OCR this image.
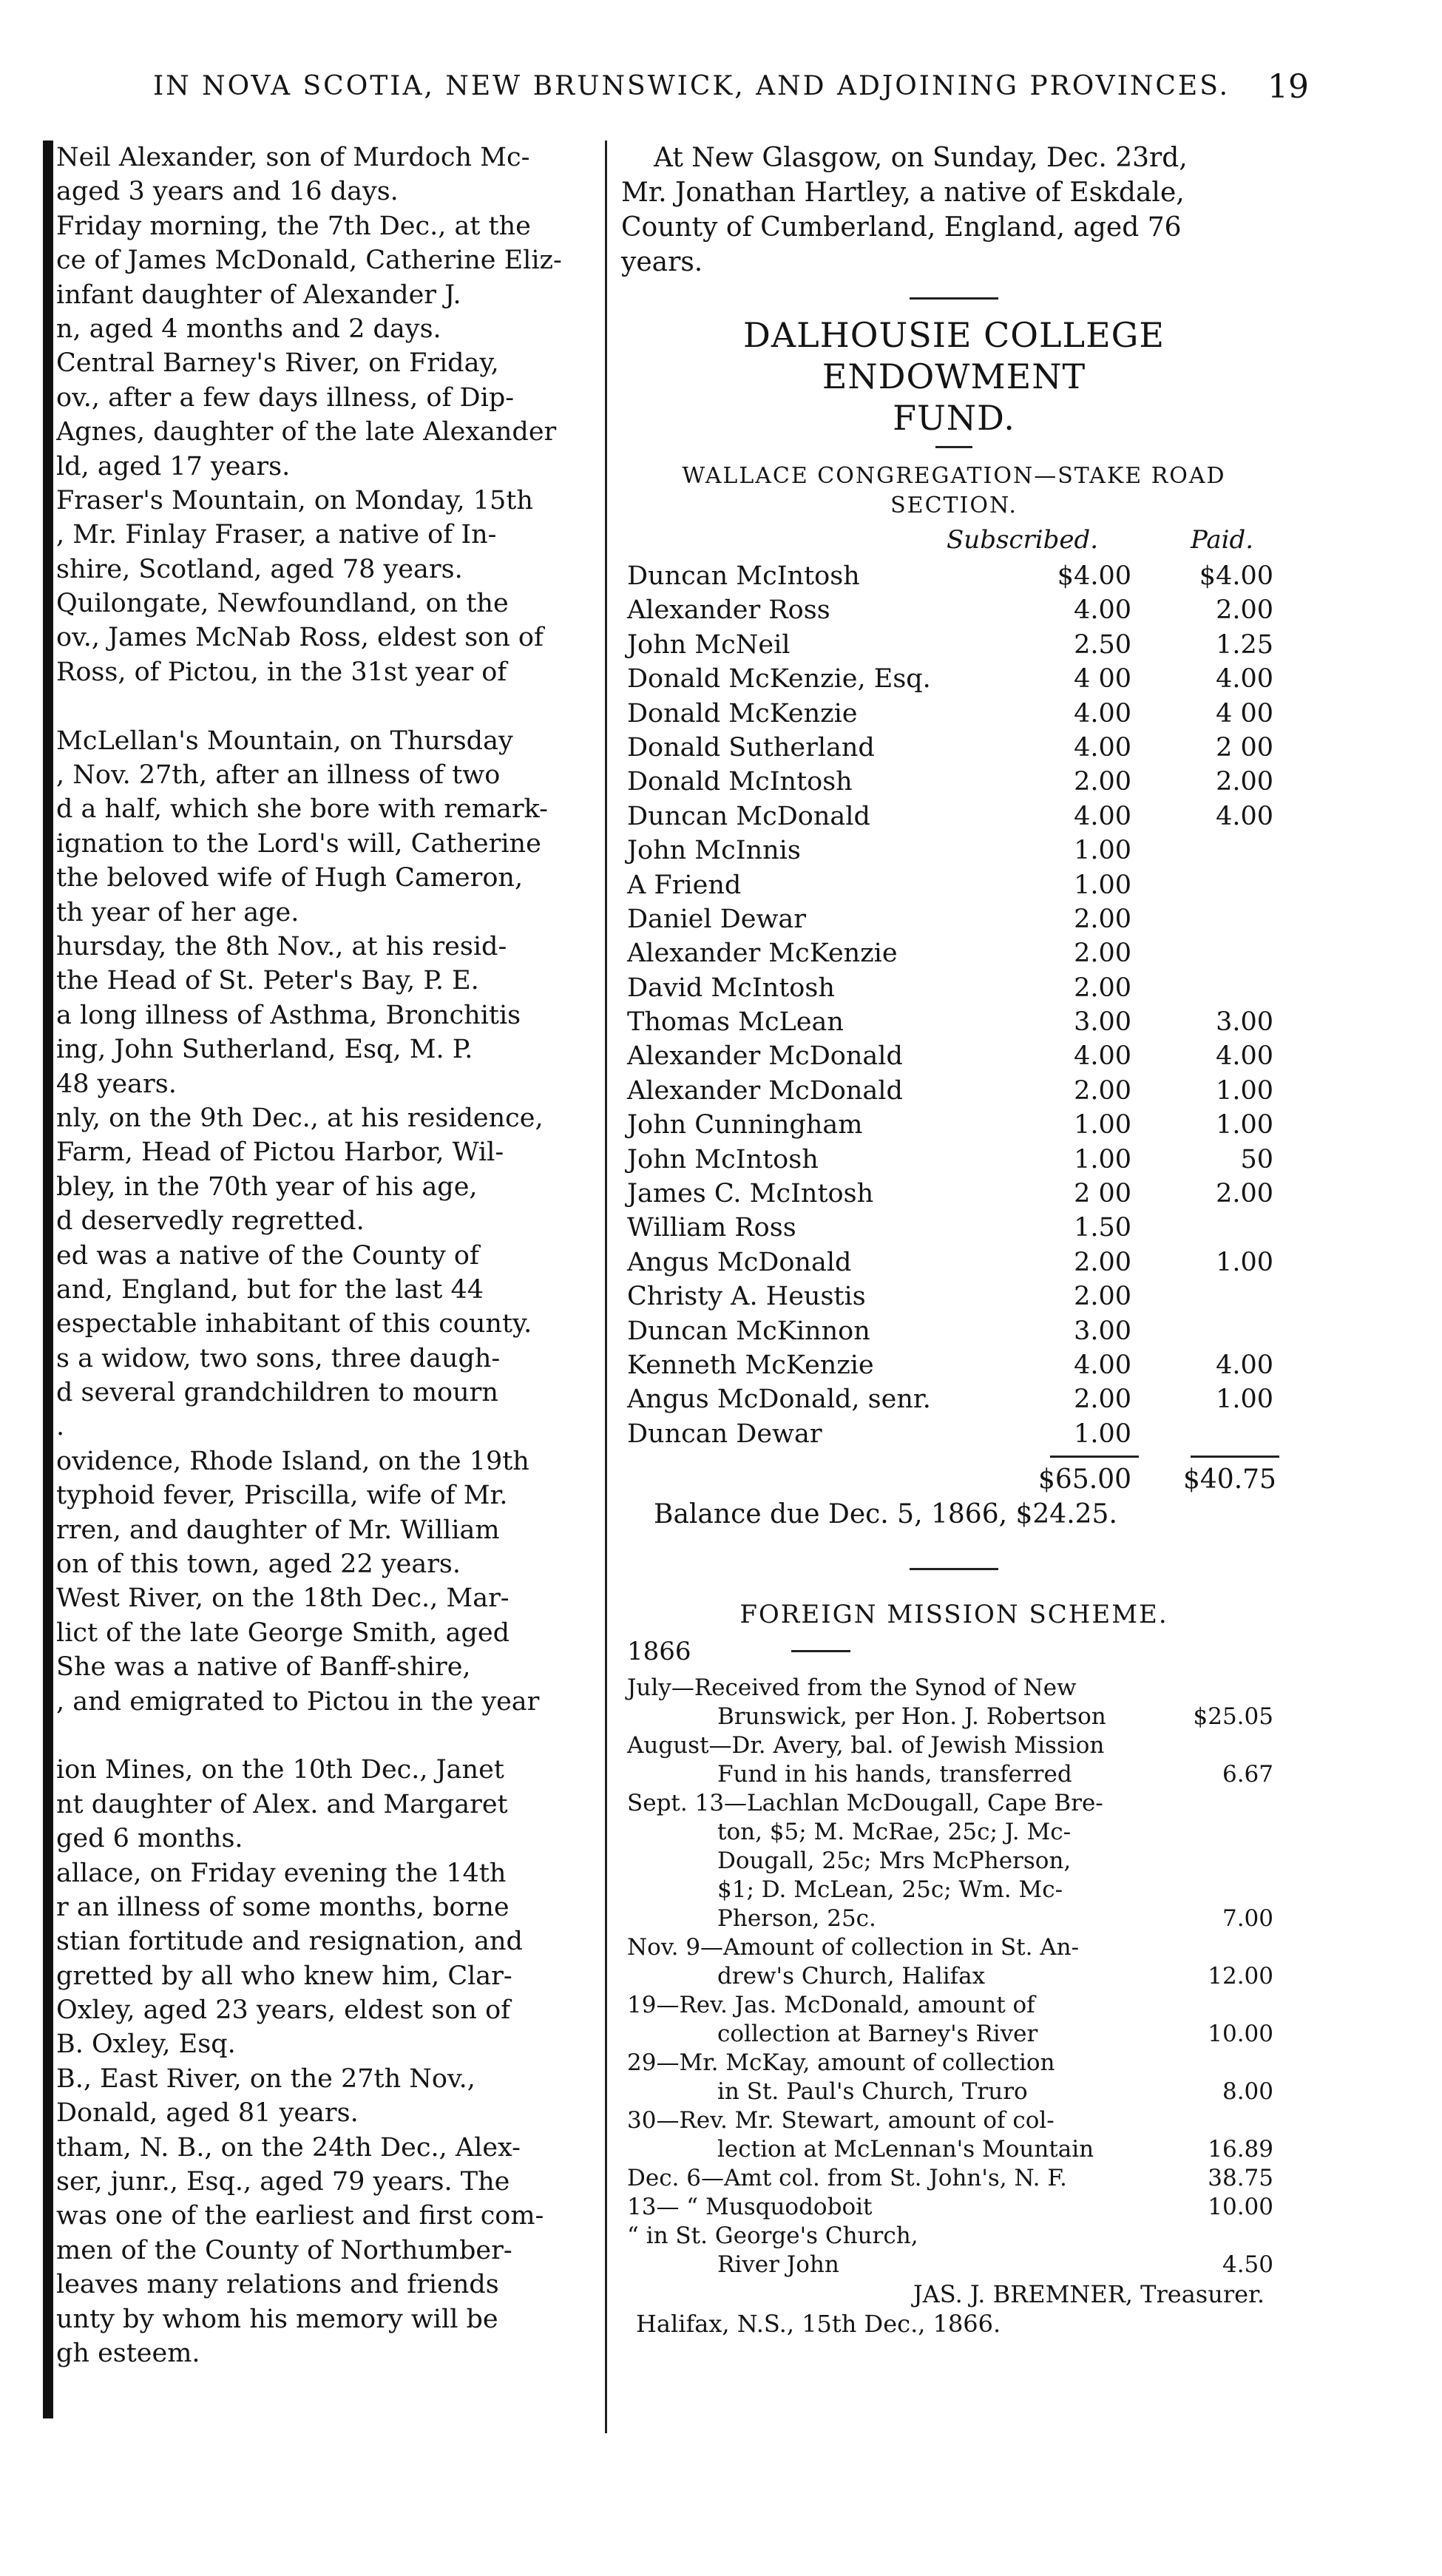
IN NOVA SCOTIA, NEW BRUNSWICK, AND ADJOINING PROVINCES.	19
Neil Alexander, son of Murdoch Mc-
aged 3 years and 16 days.
Friday morning, the 7th Dec., at the
ce of James McDonald, Catherine Eliz-
infant daughter of Alexander J.
n, aged 4 months and 2 days.
Central Barney's River, on Friday,
ov., after a few days illness, of Dip-
Agnes, daughter of the late Alexander
ld, aged 17 years.
Fraser's Mountain, on Monday, 15th
, Mr. Finlay Fraser, a native of In-
shire, Scotland, aged 78 years.
Quilongate, Newfoundland, on the
ov., James McNab Ross, eldest son of
Ross, of Pictou, in the 31st year of
McLellan's Mountain, on Thursday
, Nov. 27th, after an illness of two
d a half, which she bore with remark-
ignation to the Lord's will, Catherine
the beloved wife of Hugh Cameron,
th year of her age.
hursday, the 8th Nov., at his resid-
the Head of St. Peter's Bay, P. E.
a long illness of Asthma, Bronchitis
ing, John Sutherland, Esq, M. P.
48 years.
nly, on the 9th Dec., at his residence,
Farm, Head of Pictou Harbor, Wil-
bley, in the 70th year of his age,
d deservedly regretted.
ed was a native of the County of
and, England, but for the last 44
espectable inhabitant of this county.
s a widow, two sons, three daugh-
d several grandchildren to mourn
.
ovidence, Rhode Island, on the 19th
typhoid fever, Priscilla, wife of Mr.
rren, and daughter of Mr. William
on of this town, aged 22 years.
West River, on the 18th Dec., Mar-
lict of the late George Smith, aged
She was a native of Banff-shire,
, and emigrated to Pictou in the year
ion Mines, on the 10th Dec., Janet
nt daughter of Alex. and Margaret
ged 6 months.
allace, on Friday evening the 14th
r an illness of some months, borne
stian fortitude and resignation, and
gretted by all who knew him, Clar-
Oxley, aged 23 years, eldest son of
B. Oxley, Esq.
B., East River, on the 27th Nov.,
Donald, aged 81 years.
tham, N. B., on the 24th Dec., Alex-
ser, junr., Esq., aged 79 years. The
was one of the earliest and first com-
men of the County of Northumber-
leaves many relations and friends
unty by whom his memory will be
gh esteem.
At New Glasgow, on Sunday, Dec. 23rd,
Mr. Jonathan Hartley, a native of Eskdale,
County of Cumberland, England, aged 76
years.
DALHOUSIE COLLEGE ENDOWMENT
FUND.
WALLACE CONGREGATION—STAKE ROAD
SECTION.
Subscribed.	Paid.
Duncan McIntosh	$4.00	$4.00
Alexander Ross	4.00	2.00
John McNeil	2.50	1.25
Donald McKenzie, Esq.	4 00	4.00
Donald McKenzie	4.00	4 00
Donald Sutherland	4.00	2 00
Donald McIntosh	2.00	2.00
Duncan McDonald	4.00	4.00
John McInnis	1.00
A Friend	1.00
Daniel Dewar	2.00
Alexander McKenzie	2.00
David McIntosh	2.00
Thomas McLean	3.00	3.00
Alexander McDonald	4.00	4.00
Alexander McDonald	2.00	1.00
John Cunningham	1.00	1.00
John McIntosh	1.00	50
James C. McIntosh	2 00	2.00
William Ross	1.50
Angus McDonald	2.00	1.00
Christy A. Heustis	2.00
Duncan McKinnon	3.00
Kenneth McKenzie	4.00	4.00
Angus McDonald, senr.	2.00	1.00
Duncan Dewar	1.00
$65.00 $40.75
Balance due Dec. 5, 1866, $24.25.
FOREIGN MISSION SCHEME.
1866
July—Received from the Synod of New
Brunswick, per Hon. J. Robertson	$25.05
August—Dr. Avery, bal. of Jewish Mission
Fund in his hands, transferred	6.67
Sept. 13—Lachlan McDougall, Cape Bre-
ton, $5; M. McRae, 25c; J. Mc-
Dougall, 25c; Mrs McPherson,
$1; D. McLean, 25c; Wm. Mc-
Pherson, 25c.	7.00
Nov. 9—Amount of collection in St. An-
drew's Church, Halifax	12.00
19—Rev. Jas. McDonald, amount of
collection at Barney's River	10.00
29—Mr. McKay, amount of collection
in St. Paul's Church, Truro	8.00
30—Rev. Mr. Stewart, amount of col-
lection at McLennan's Mountain	16.89
Dec. 6—Amt col. from St. John's, N. F.	38.75
13— “ Musquodoboit	10.00
“ in St. George's Church,
River John	4.50
JAS. J. BREMNER, Treasurer.
Halifax, N.S., 15th Dec., 1866.
